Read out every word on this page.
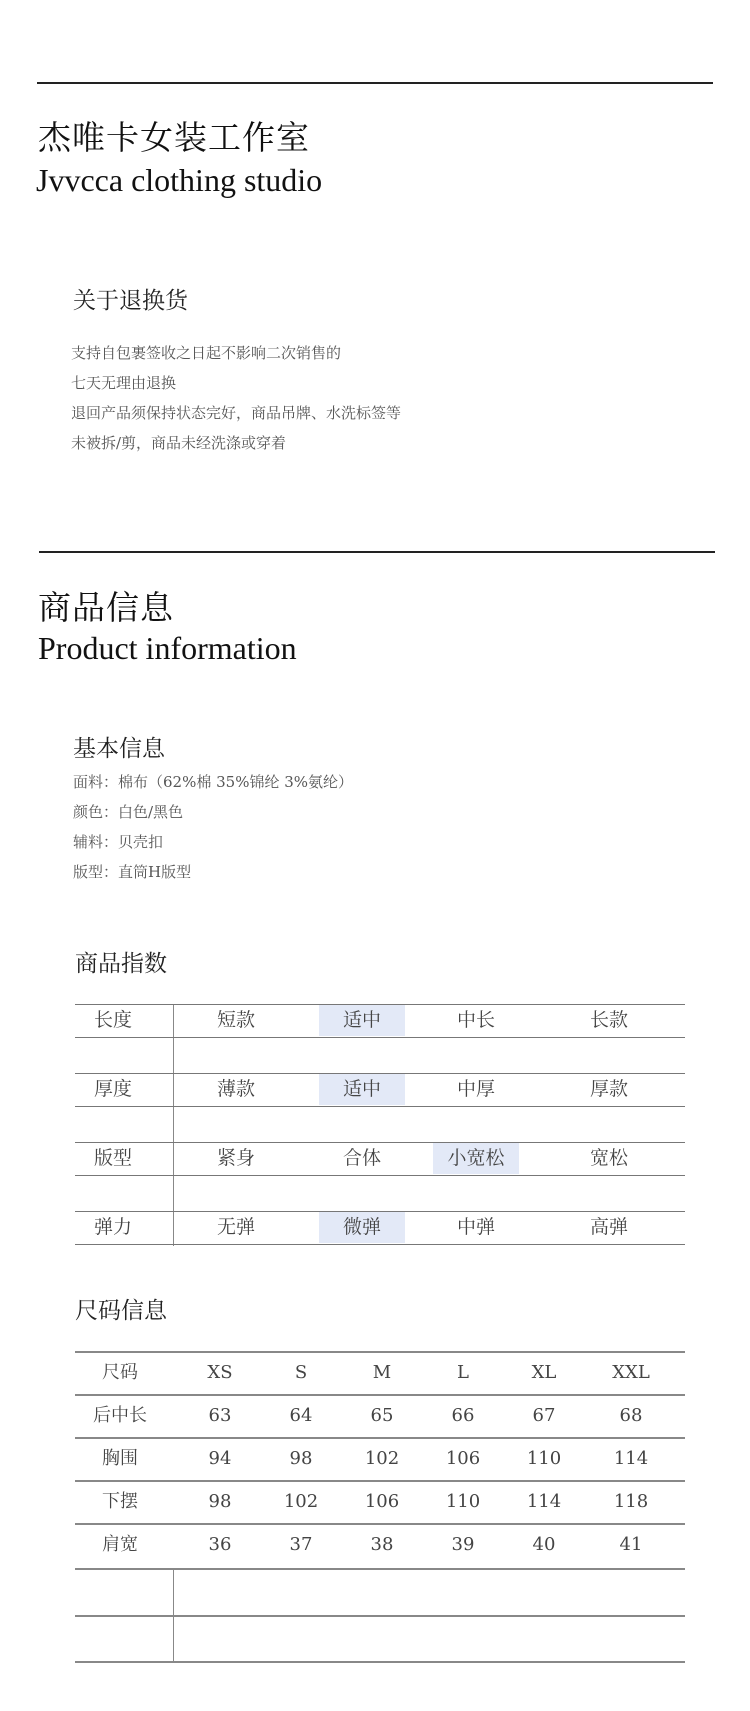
杰唯卡女装工作室
Jvvcca clothing studio
关于退换货
支持自包裹签收之日起不影响二次销售的
七天无理由退换
退回产品须保持状态完好，商品吊牌、水洗标签等
未被拆/剪，商品未经洗涤或穿着
商品信息
Product information
基本信息
面料：棉布（62%棉 35%锦纶 3%氨纶）
颜色：白色/黑色
辅料：贝壳扣
版型：直筒H版型
商品指数
长度	短款	适中	中长	长款
厚度	薄款	适中	中厚	厚款
版型	紧身	合体	小宽松	宽松
弹力	无弹	微弹	中弹	高弹
尺码信息
尺码	XS	S	M	L	XL	XXL
后中长	63	64	65	66	67	68
胸围	94	98	102	106	110	114
下摆	98	102	106	110	114	118
肩宽	36	37	38	39	40	41
